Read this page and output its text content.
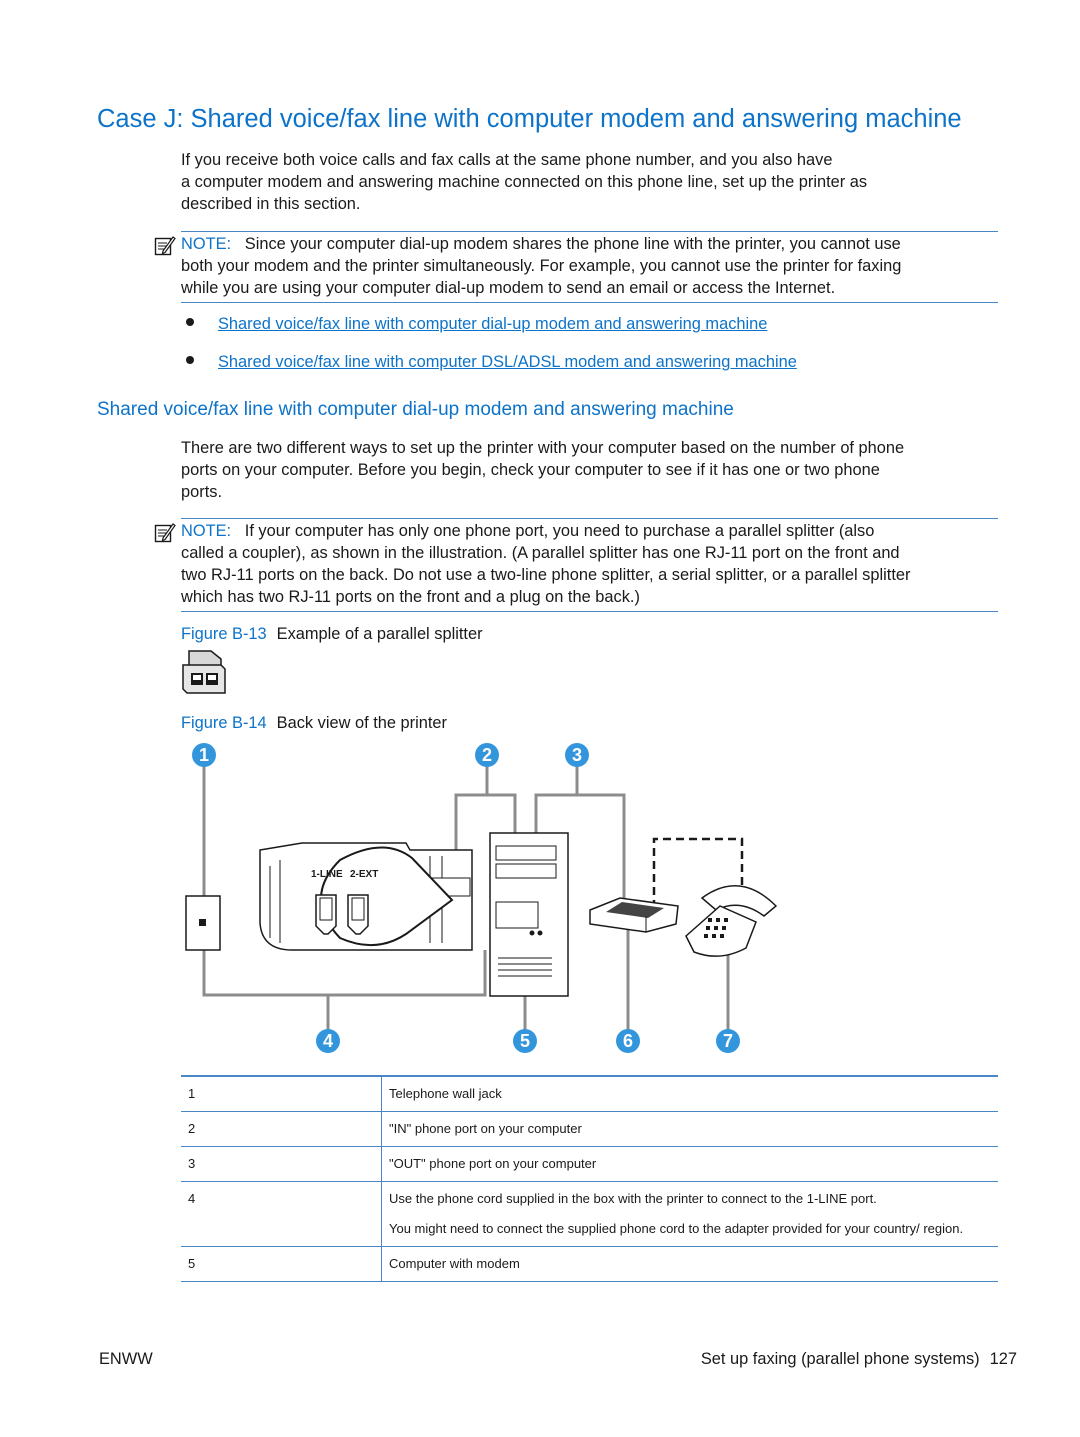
Case J: Shared voice/fax line with computer modem and answering machine

If you receive both voice calls and fax calls at the same phone number, and you also have

a computer modem and answering machine connected on this phone line, set up the printer as

described in this section.

NOTE: Since your computer dial-up modem shares the phone line with the printer, you cannot use
both your modem and the printer simultaneously. For example, you cannot use the printer for faxing
while you are using your computer dial-up modem to send an email or access the Internet.
Shared voice/fax line with computer dial-up modem and answering machine
Shared voice/fax line with computer DSL/ADSL modem and answering machine
Shared voice/fax line with computer dial-up modem and answering machine

There are two different ways to set up the printer with your computer based on the number of phone

ports on your computer. Before you begin, check your computer to see if it has one or two phone

ports.

NOTE: If your computer has only one phone port, you need to purchase a parallel splitter (also
called a coupler), as shown in the illustration. (A parallel splitter has one RJ-11 port on the front and
two RJ-11 ports on the back. Do not use a two-line phone splitter, a serial splitter, or a parallel splitter
which has two RJ-11 ports on the front and a plug on the back.)
Figure B-13 Example of a parallel splitter
Figure B-14 Back view of the printer
1-LINE 2-EXT
1	2	3
4	5	6	7
1	Telephone wall jack

2	"IN" phone port on your computer

3	"OUT" phone port on your computer

4	Use the phone cord supplied in the box with the printer to connect to the 1-LINE port.

You might need to connect the supplied phone cord to the adapter provided for your country/ region.

5	Computer with modem

ENWW	Set up faxing (parallel phone systems) 127
